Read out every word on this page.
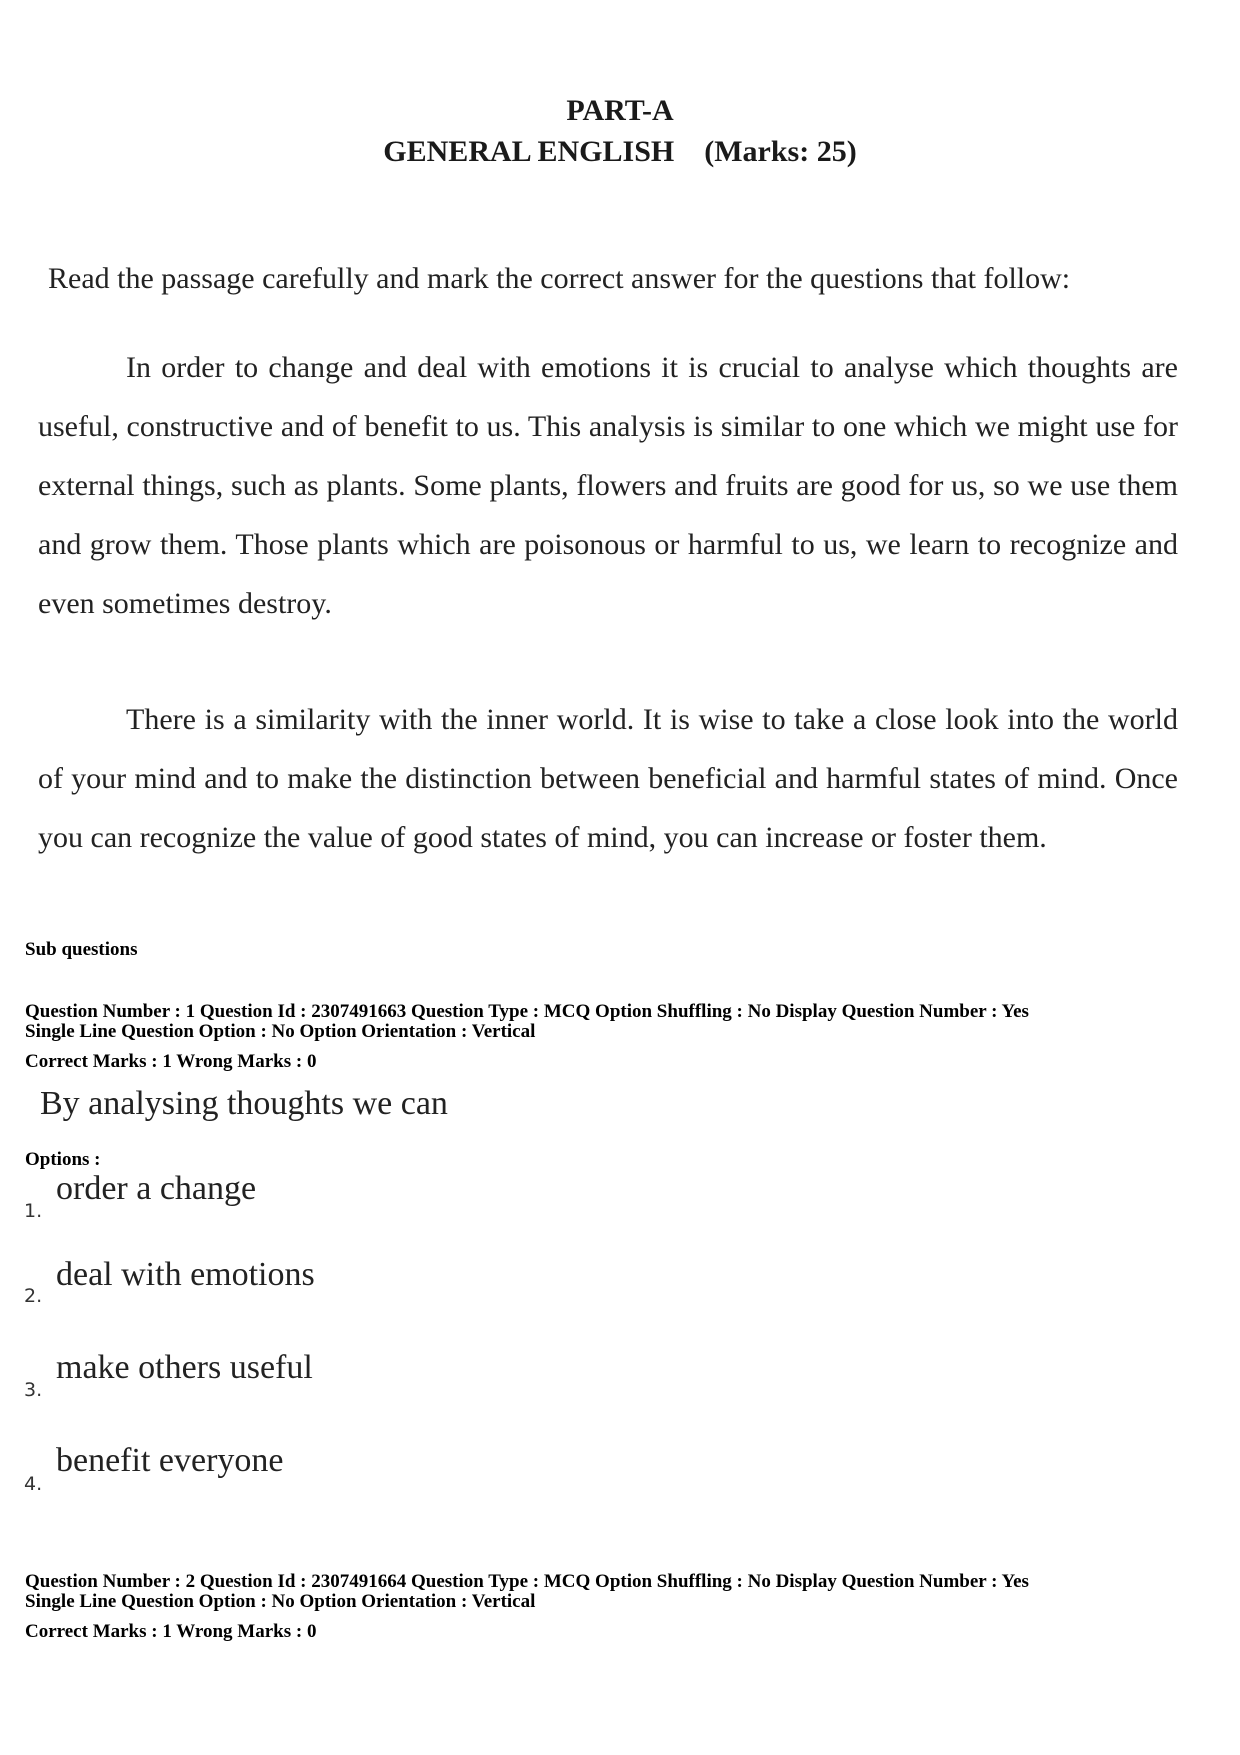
PART-A
GENERAL ENGLISH (Marks: 25)
Read the passage carefully and mark the correct answer for the questions that follow:
In order to change and deal with emotions it is crucial to analyse which thoughts are useful, constructive and of benefit to us. This analysis is similar to one which we might use for external things, such as plants. Some plants, flowers and fruits are good for us, so we use them and grow them. Those plants which are poisonous or harmful to us, we learn to recognize and even sometimes destroy.
There is a similarity with the inner world. It is wise to take a close look into the world of your mind and to make the distinction between beneficial and harmful states of mind. Once you can recognize the value of good states of mind, you can increase or foster them.
Sub questions
Question Number : 1 Question Id : 2307491663 Question Type : MCQ Option Shuffling : No Display Question Number : Yes
Single Line Question Option : No Option Orientation : Vertical
Correct Marks : 1 Wrong Marks : 0
By analysing thoughts we can
Options :
1.
order a change
2.
deal with emotions
3.
make others useful
4.
benefit everyone
Question Number : 2 Question Id : 2307491664 Question Type : MCQ Option Shuffling : No Display Question Number : Yes
Single Line Question Option : No Option Orientation : Vertical
Correct Marks : 1 Wrong Marks : 0
